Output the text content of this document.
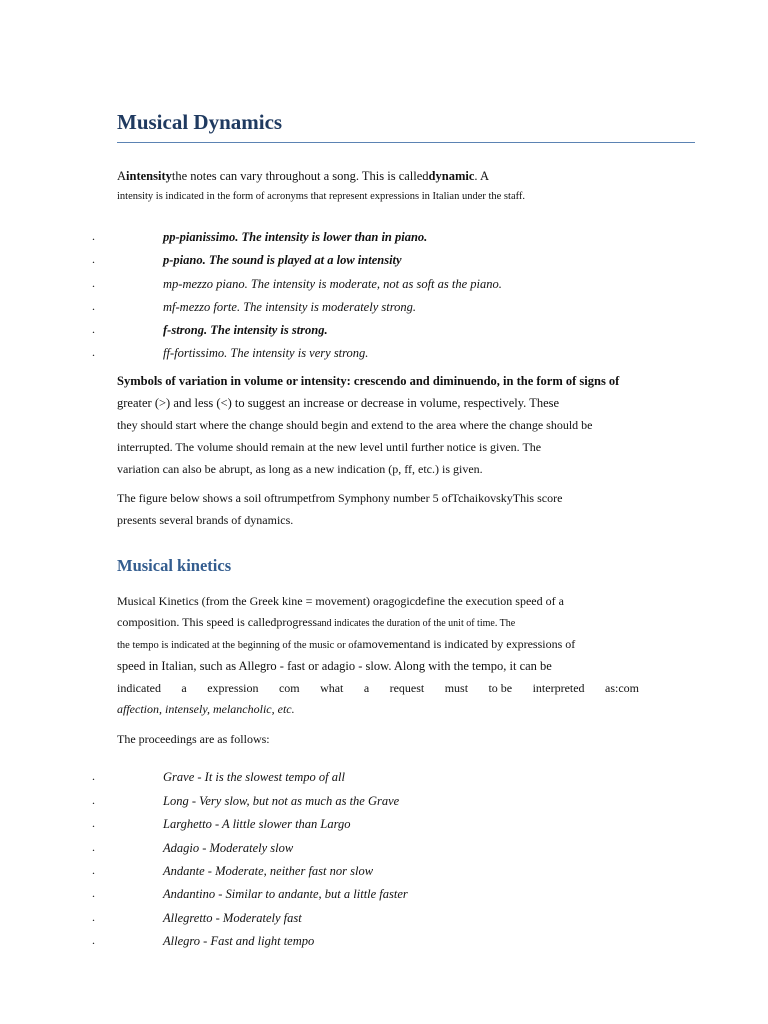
Musical Dynamics
Aintensitythe notes can vary throughout a song. This is calleddynamic. A
intensity is indicated in the form of acronyms that represent expressions in Italian under the staff.
.	pp-pianissimo. The intensity is lower than in piano.
.	p-piano. The sound is played at a low intensity
.	mp-mezzo piano. The intensity is moderate, not as soft as the piano.
.	mf-mezzo forte. The intensity is moderately strong.
.	f-strong. The intensity is strong.
.	ff-fortissimo. The intensity is very strong.
Symbols of variation in volume or intensity: crescendo and diminuendo, in the form of signs of
greater (>) and less (<) to suggest an increase or decrease in volume, respectively. These
they should start where the change should begin and extend to the area where the change should be
interrupted. The volume should remain at the new level until further notice is given. The
variation can also be abrupt, as long as a new indication (p, ff, etc.) is given.
The figure below shows a soil oftrumpetfrom Symphony number 5 ofTchaikovskyThis score
presents several brands of dynamics.
Musical kinetics
Musical Kinetics (from the Greek kine = movement) oragogicdefine the execution speed of a
composition. This speed is calledprogressand indicates the duration of the unit of time. The
the tempo is indicated at the beginning of the music or ofamovementand is indicated by expressions of
speed in Italian, such as Allegro - fast or adagio - slow. Along with the tempo, it can be
indicated a expression com what a request must to be interpreted as:com
affection, intensely, melancholic, etc.
The proceedings are as follows:
.	Grave - It is the slowest tempo of all
.	Long - Very slow, but not as much as the Grave
.	Larghetto - A little slower than Largo
.	Adagio - Moderately slow
.	Andante - Moderate, neither fast nor slow
.	Andantino - Similar to andante, but a little faster
.	Allegretto - Moderately fast
.	Allegro - Fast and light tempo
